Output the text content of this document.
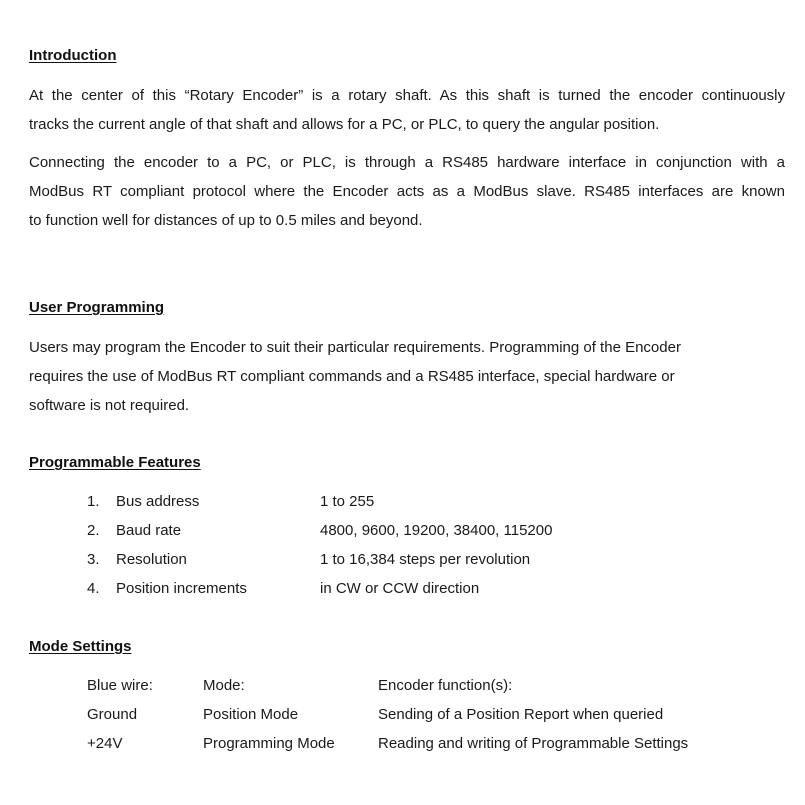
Introduction
At the center of this “Rotary Encoder” is a rotary shaft. As this shaft is turned the encoder continuously
tracks the current angle of that shaft and allows for a PC, or PLC, to query the angular position.
Connecting the encoder to a PC, or PLC, is through a RS485 hardware interface in conjunction with a
ModBus RT compliant protocol where the Encoder acts as a ModBus slave. RS485 interfaces are known
to function well for distances of up to 0.5 miles and beyond.
User Programming
Users may program the Encoder to suit their particular requirements. Programming of the Encoder
requires the use of ModBus RT compliant commands and a RS485 interface, special hardware or
software is not required.
Programmable Features
1. Bus address	1 to 255
2. Baud rate	4800, 9600, 19200, 38400, 115200
3. Resolution	1 to 16,384 steps per revolution
4. Position increments	in CW or CCW direction
Mode Settings
Blue wire:	Mode:	Encoder function(s):
Ground	Position Mode	Sending of a Position Report when queried
+24V	Programming Mode	Reading and writing of Programmable Settings
